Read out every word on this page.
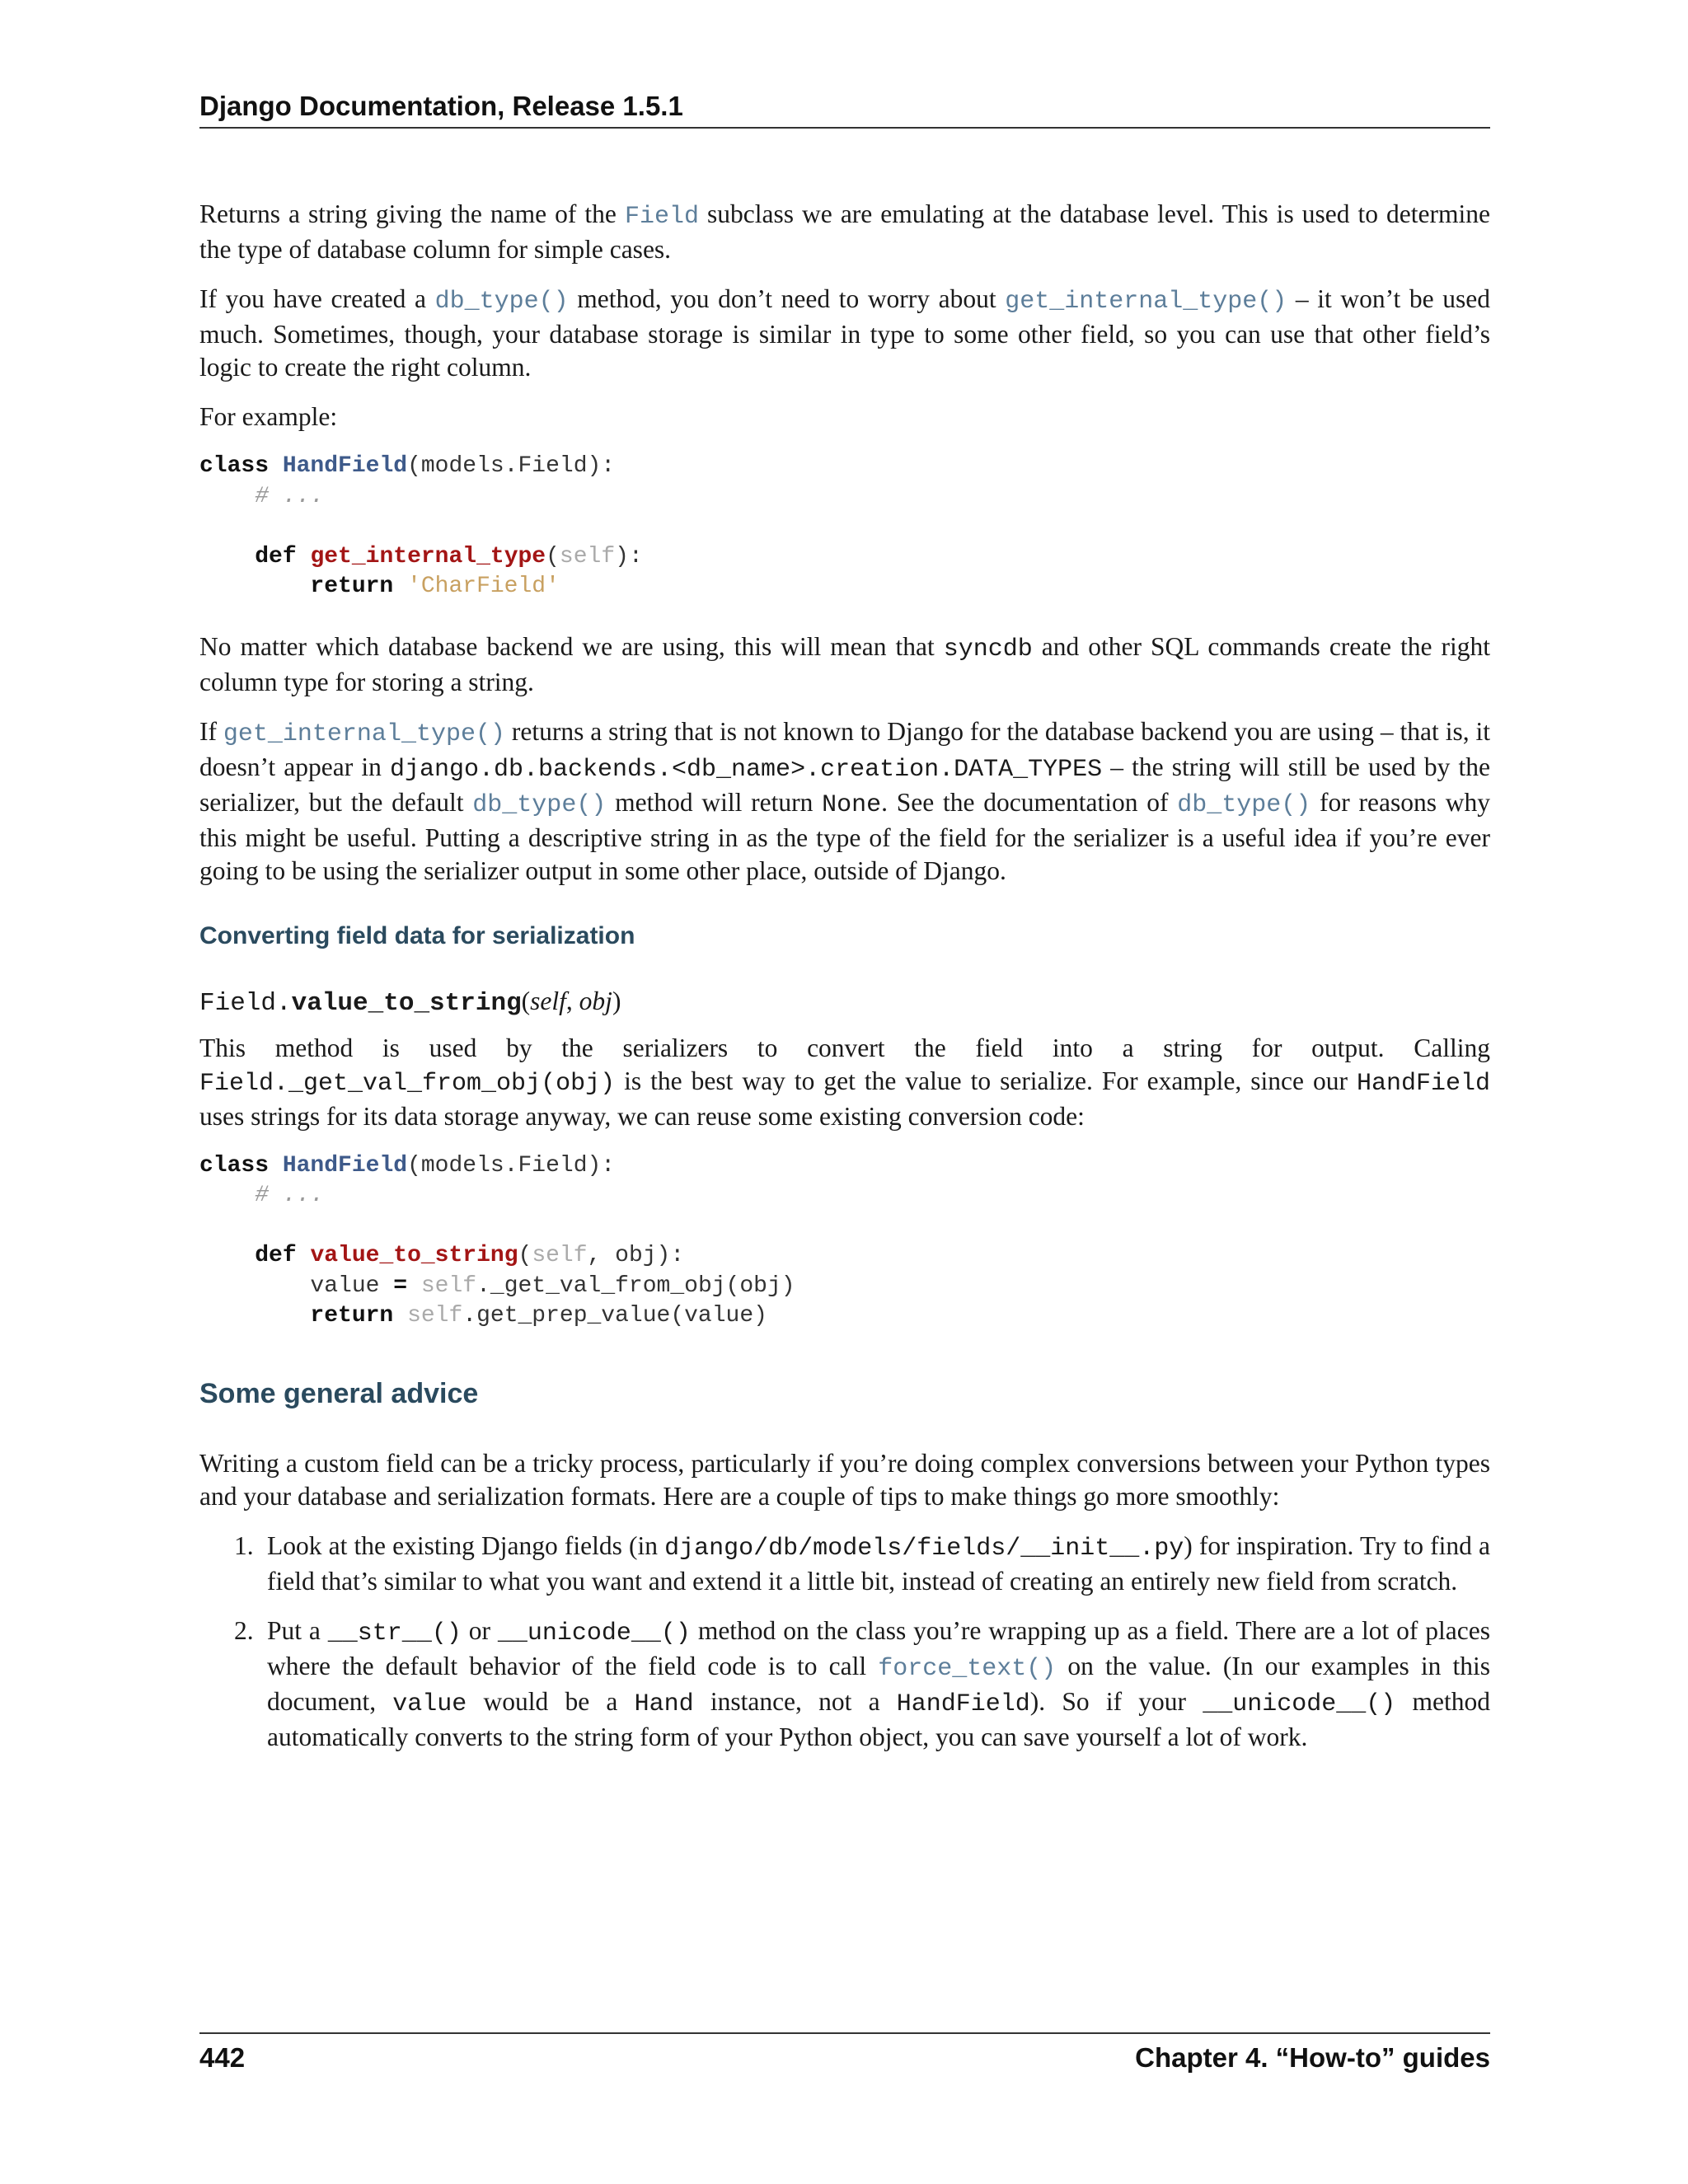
Django Documentation, Release 1.5.1

Returns a string giving the name of the Field subclass we are emulating at the database level. This is used to determine the type of database column for simple cases.

If you have created a db_type() method, you don’t need to worry about get_internal_type() – it won’t be used much. Sometimes, though, your database storage is similar in type to some other field, so you can use that other field’s logic to create the right column.

For example:

class HandField(models.Field):
# ...

def get_internal_type(self):
return 'CharField'

No matter which database backend we are using, this will mean that syncdb and other SQL commands create the right column type for storing a string.

If get_internal_type() returns a string that is not known to Django for the database backend you are using – that is, it doesn’t appear in django.db.backends.<db_name>.creation.DATA_TYPES – the string will still be used by the serializer, but the default db_type() method will return None. See the documentation of db_type() for reasons why this might be useful. Putting a descriptive string in as the type of the field for the serializer is a useful idea if you’re ever going to be using the serializer output in some other place, outside of Django.

Converting field data for serialization
Field.value_to_string(self, obj)

This method is used by the serializers to convert the field into a string for output. Calling Field._get_val_from_obj(obj) is the best way to get the value to serialize. For example, since our HandField uses strings for its data storage anyway, we can reuse some existing conversion code:

class HandField(models.Field):
# ...

def value_to_string(self, obj):
value = self._get_val_from_obj(obj)
return self.get_prep_value(value)
Some general advice

Writing a custom field can be a tricky process, particularly if you’re doing complex conversions between your Python types and your database and serialization formats. Here are a couple of tips to make things go more smoothly:

1. Look at the existing Django fields (in django/db/models/fields/__init__.py) for inspiration. Try to find a field that’s similar to what you want and extend it a little bit, instead of creating an entirely new field from scratch.
2. Put a __str__() or __unicode__() method on the class you’re wrapping up as a field. There are a lot of places where the default behavior of the field code is to call force_text() on the value. (In our examples in this document, value would be a Hand instance, not a HandField). So if your __unicode__() method automatically converts to the string form of your Python object, you can save yourself a lot of work.
442	Chapter 4. “How-to” guides
